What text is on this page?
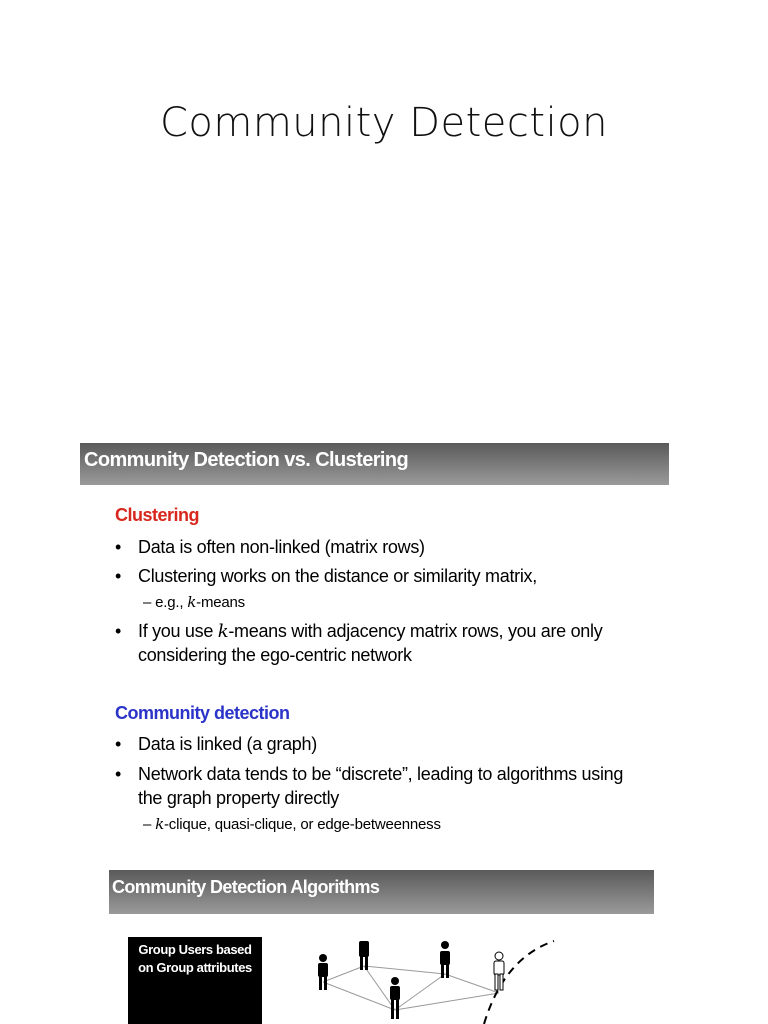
Community Detection
Community Detection vs. Clustering
Clustering
• Data is often non-linked (matrix rows)
• Clustering works on the distance or similarity matrix,
– e.g., k-means
• If you use k-means with adjacency matrix rows, you are only
considering the ego-centric network
Community detection
• Data is linked (a graph)
• Network data tends to be “discrete”, leading to algorithms using
the graph property directly
– k-clique, quasi-clique, or edge-betweenness
Community Detection Algorithms
Group Users based
on Group attributes
